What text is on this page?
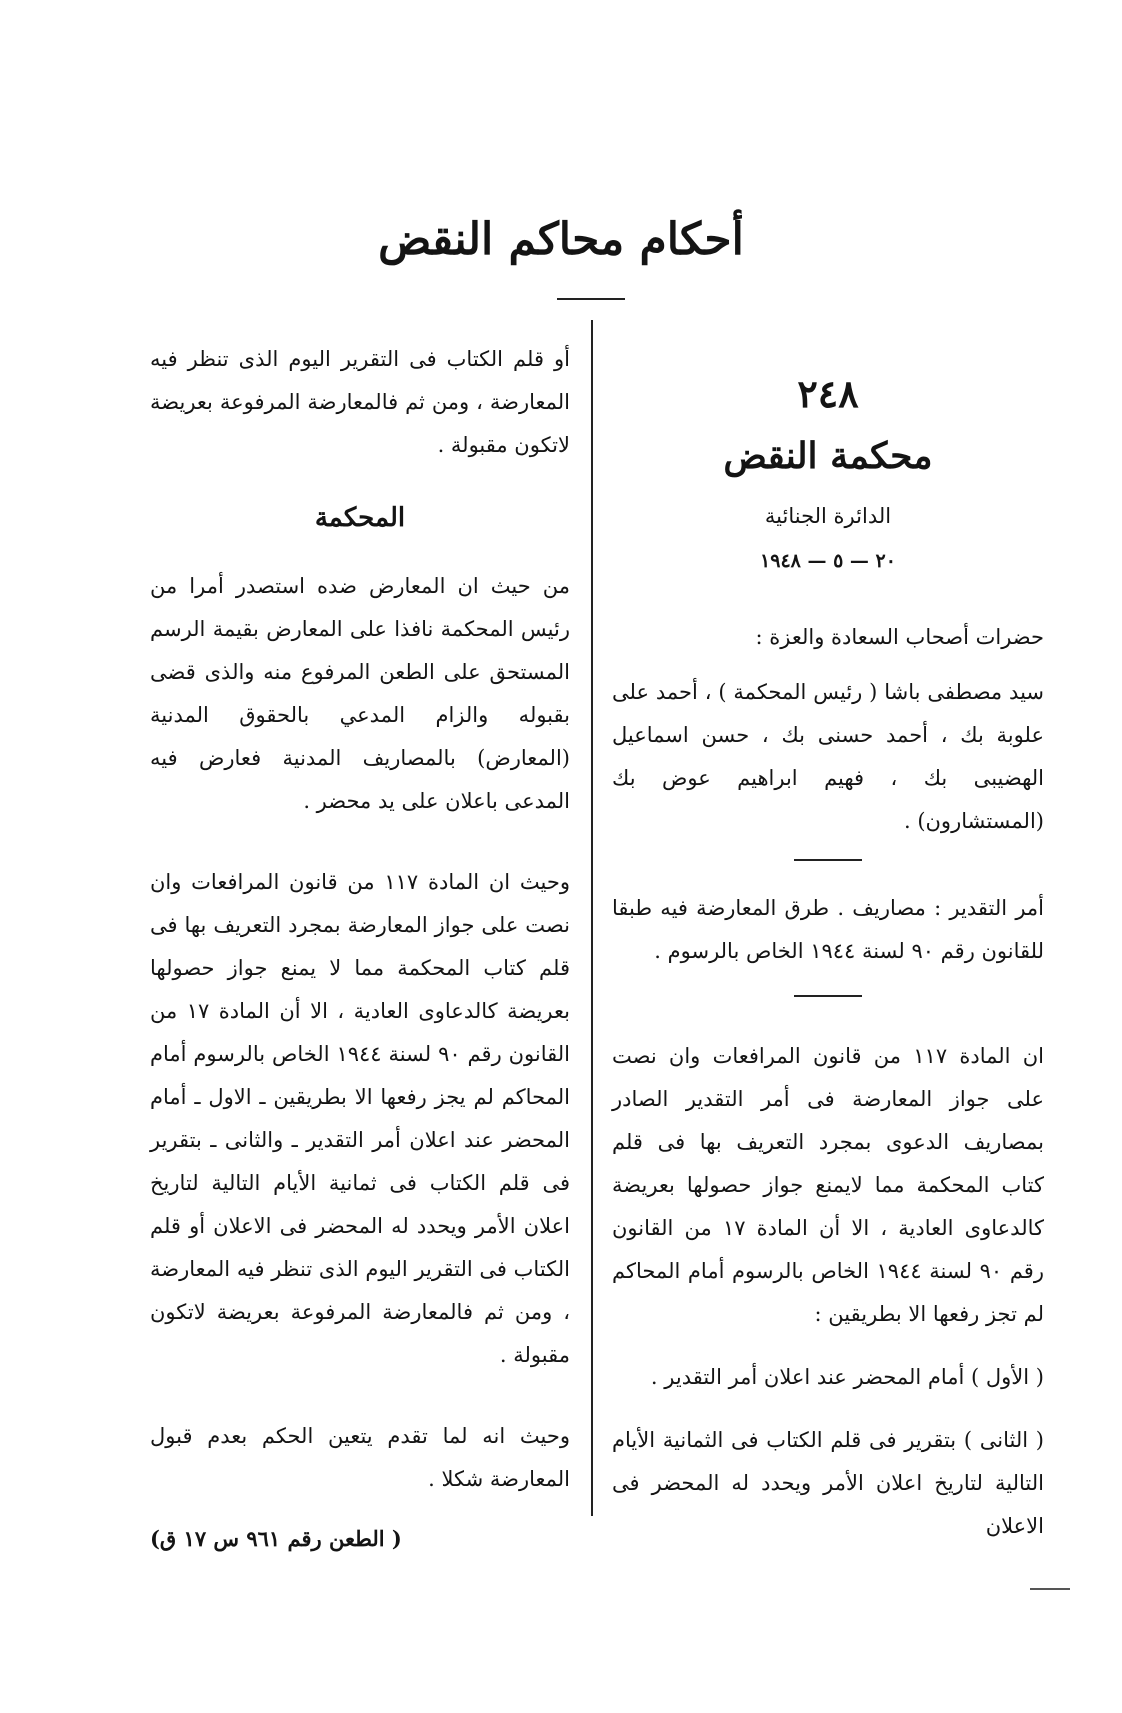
أحكام محاكم النقض

٢٤٨

محكمة النقض

الدائرة الجنائية

٢٠ — ٥ — ١٩٤٨

حضرات أصحاب السعادة والعزة :

سيد مصطفى باشا ( رئيس المحكمة ) ، أحمد على علوبة بك ، أحمد حسنى بك ، حسن اسماعيل الهضيبى بك ، فهيم ابراهيم عوض بك (المستشارون) .

أمر التقدير : مصاريف . طرق المعارضة فيه طبقا للقانون رقم ٩٠ لسنة ١٩٤٤ الخاص بالرسوم .

ان المادة ١١٧ من قانون المرافعات وان نصت على جواز المعارضة فى أمر التقدير الصادر بمصاريف الدعوى بمجرد التعريف بها فى قلم كتاب المحكمة مما لايمنع جواز حصولها بعريضة كالدعاوى العادية ، الا أن المادة ١٧ من القانون رقم ٩٠ لسنة ١٩٤٤ الخاص بالرسوم أمام المحاكم لم تجز رفعها الا بطريقين :

( الأول ) أمام المحضر عند اعلان أمر التقدير .

( الثانى ) بتقرير فى قلم الكتاب فى الثمانية الأيام التالية لتاريخ اعلان الأمر ويحدد له المحضر فى الاعلان

أو قلم الكتاب فى التقرير اليوم الذى تنظر فيه المعارضة ، ومن ثم فالمعارضة المرفوعة بعريضة لاتكون مقبولة .

المحكمة

من حيث ان المعارض ضده استصدر أمرا من رئيس المحكمة نافذا على المعارض بقيمة الرسم المستحق على الطعن المرفوع منه والذى قضى بقبوله والزام المدعي بالحقوق المدنية (المعارض) بالمصاريف المدنية فعارض فيه المدعى باعلان على يد محضر .

وحيث ان المادة ١١٧ من قانون المرافعات وان نصت على جواز المعارضة بمجرد التعريف بها فى قلم كتاب المحكمة مما لا يمنع جواز حصولها بعريضة كالدعاوى العادية ، الا أن المادة ١٧ من القانون رقم ٩٠ لسنة ١٩٤٤ الخاص بالرسوم أمام المحاكم لم يجز رفعها الا بطريقين ـ الاول ـ أمام المحضر عند اعلان أمر التقدير ـ والثانى ـ بتقرير فى قلم الكتاب فى ثمانية الأيام التالية لتاريخ اعلان الأمر ويحدد له المحضر فى الاعلان أو قلم الكتاب فى التقرير اليوم الذى تنظر فيه المعارضة ، ومن ثم فالمعارضة المرفوعة بعريضة لاتكون مقبولة .

وحيث انه لما تقدم يتعين الحكم بعدم قبول المعارضة شكلا .

( الطعن رقم ٩٦١ س ١٧ ق)
